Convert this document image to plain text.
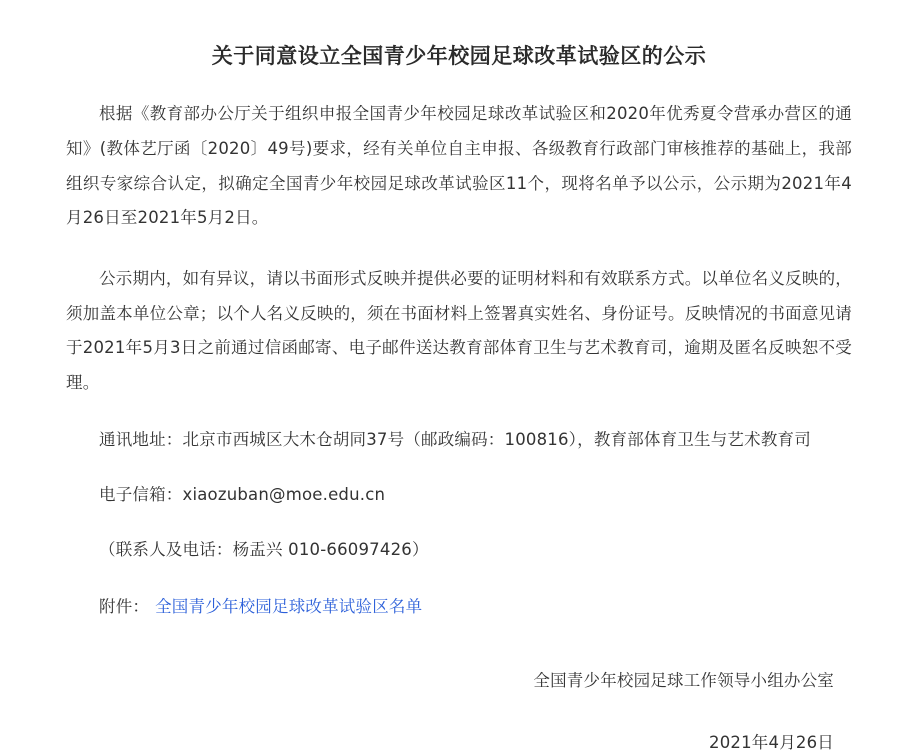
关于同意设立全国青少年校园足球改革试验区的公示
根据《教育部办公厅关于组织申报全国青少年校园足球改革试验区和2020年优秀夏令营承办营区的通知》(教体艺厅函〔2020〕49号)要求，经有关单位自主申报、各级教育行政部门审核推荐的基础上，我部组织专家综合认定，拟确定全国青少年校园足球改革试验区11个，现将名单予以公示，公示期为2021年4月26日至2021年5月2日。
公示期内，如有异议，请以书面形式反映并提供必要的证明材料和有效联系方式。以单位名义反映的，须加盖本单位公章；以个人名义反映的，须在书面材料上签署真实姓名、身份证号。反映情况的书面意见请于2021年5月3日之前通过信函邮寄、电子邮件送达教育部体育卫生与艺术教育司，逾期及匿名反映恕不受理。
通讯地址：北京市西城区大木仓胡同37号（邮政编码：100816），教育部体育卫生与艺术教育司
电子信箱：xiaozuban@moe.edu.cn
（联系人及电话：杨盂兴 010-66097426）
附件： 全国青少年校园足球改革试验区名单
全国青少年校园足球工作领导小组办公室
2021年4月26日
